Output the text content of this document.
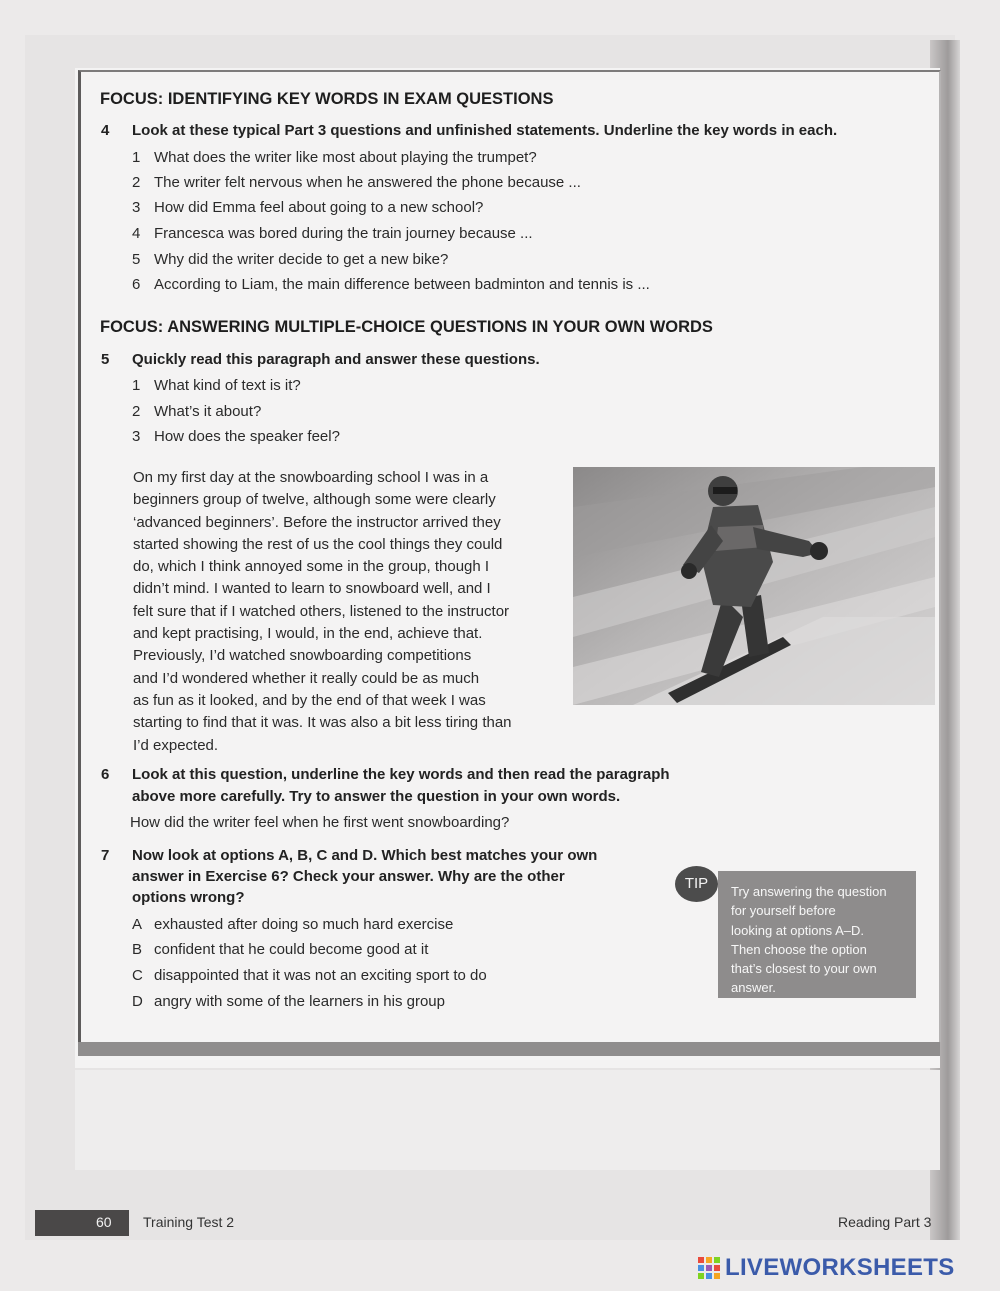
FOCUS: IDENTIFYING KEY WORDS IN EXAM QUESTIONS
4 Look at these typical Part 3 questions and unfinished statements. Underline the key words in each.
1 What does the writer like most about playing the trumpet?
2 The writer felt nervous when he answered the phone because ...
3 How did Emma feel about going to a new school?
4 Francesca was bored during the train journey because ...
5 Why did the writer decide to get a new bike?
6 According to Liam, the main difference between badminton and tennis is ...
FOCUS: ANSWERING MULTIPLE-CHOICE QUESTIONS IN YOUR OWN WORDS
5 Quickly read this paragraph and answer these questions.
1 What kind of text is it?
2 What’s it about?
3 How does the speaker feel?
On my first day at the snowboarding school I was in a
beginners group of twelve, although some were clearly
‘advanced beginners’. Before the instructor arrived they
started showing the rest of us the cool things they could
do, which I think annoyed some in the group, though I
didn’t mind. I wanted to learn to snowboard well, and I
felt sure that if I watched others, listened to the instructor
and kept practising, I would, in the end, achieve that.
Previously, I’d watched snowboarding competitions
and I’d wondered whether it really could be as much
as fun as it looked, and by the end of that week I was
starting to find that it was. It was also a bit less tiring than
I’d expected.
6 Look at this question, underline the key words and then read the paragraph
above more carefully. Try to answer the question in your own words.
How did the writer feel when he first went snowboarding?
7 Now look at options A, B, C and D. Which best matches your own
answer in Exercise 6? Check your answer. Why are the other
options wrong?
A exhausted after doing so much hard exercise
B confident that he could become good at it
C disappointed that it was not an exciting sport to do
D angry with some of the learners in his group
TIP	Try answering the question
for yourself before
looking at options A–D.
Then choose the option
that’s closest to your own
answer.
60 Training Test 2	Reading Part 3
LIVEWORKSHEETS
